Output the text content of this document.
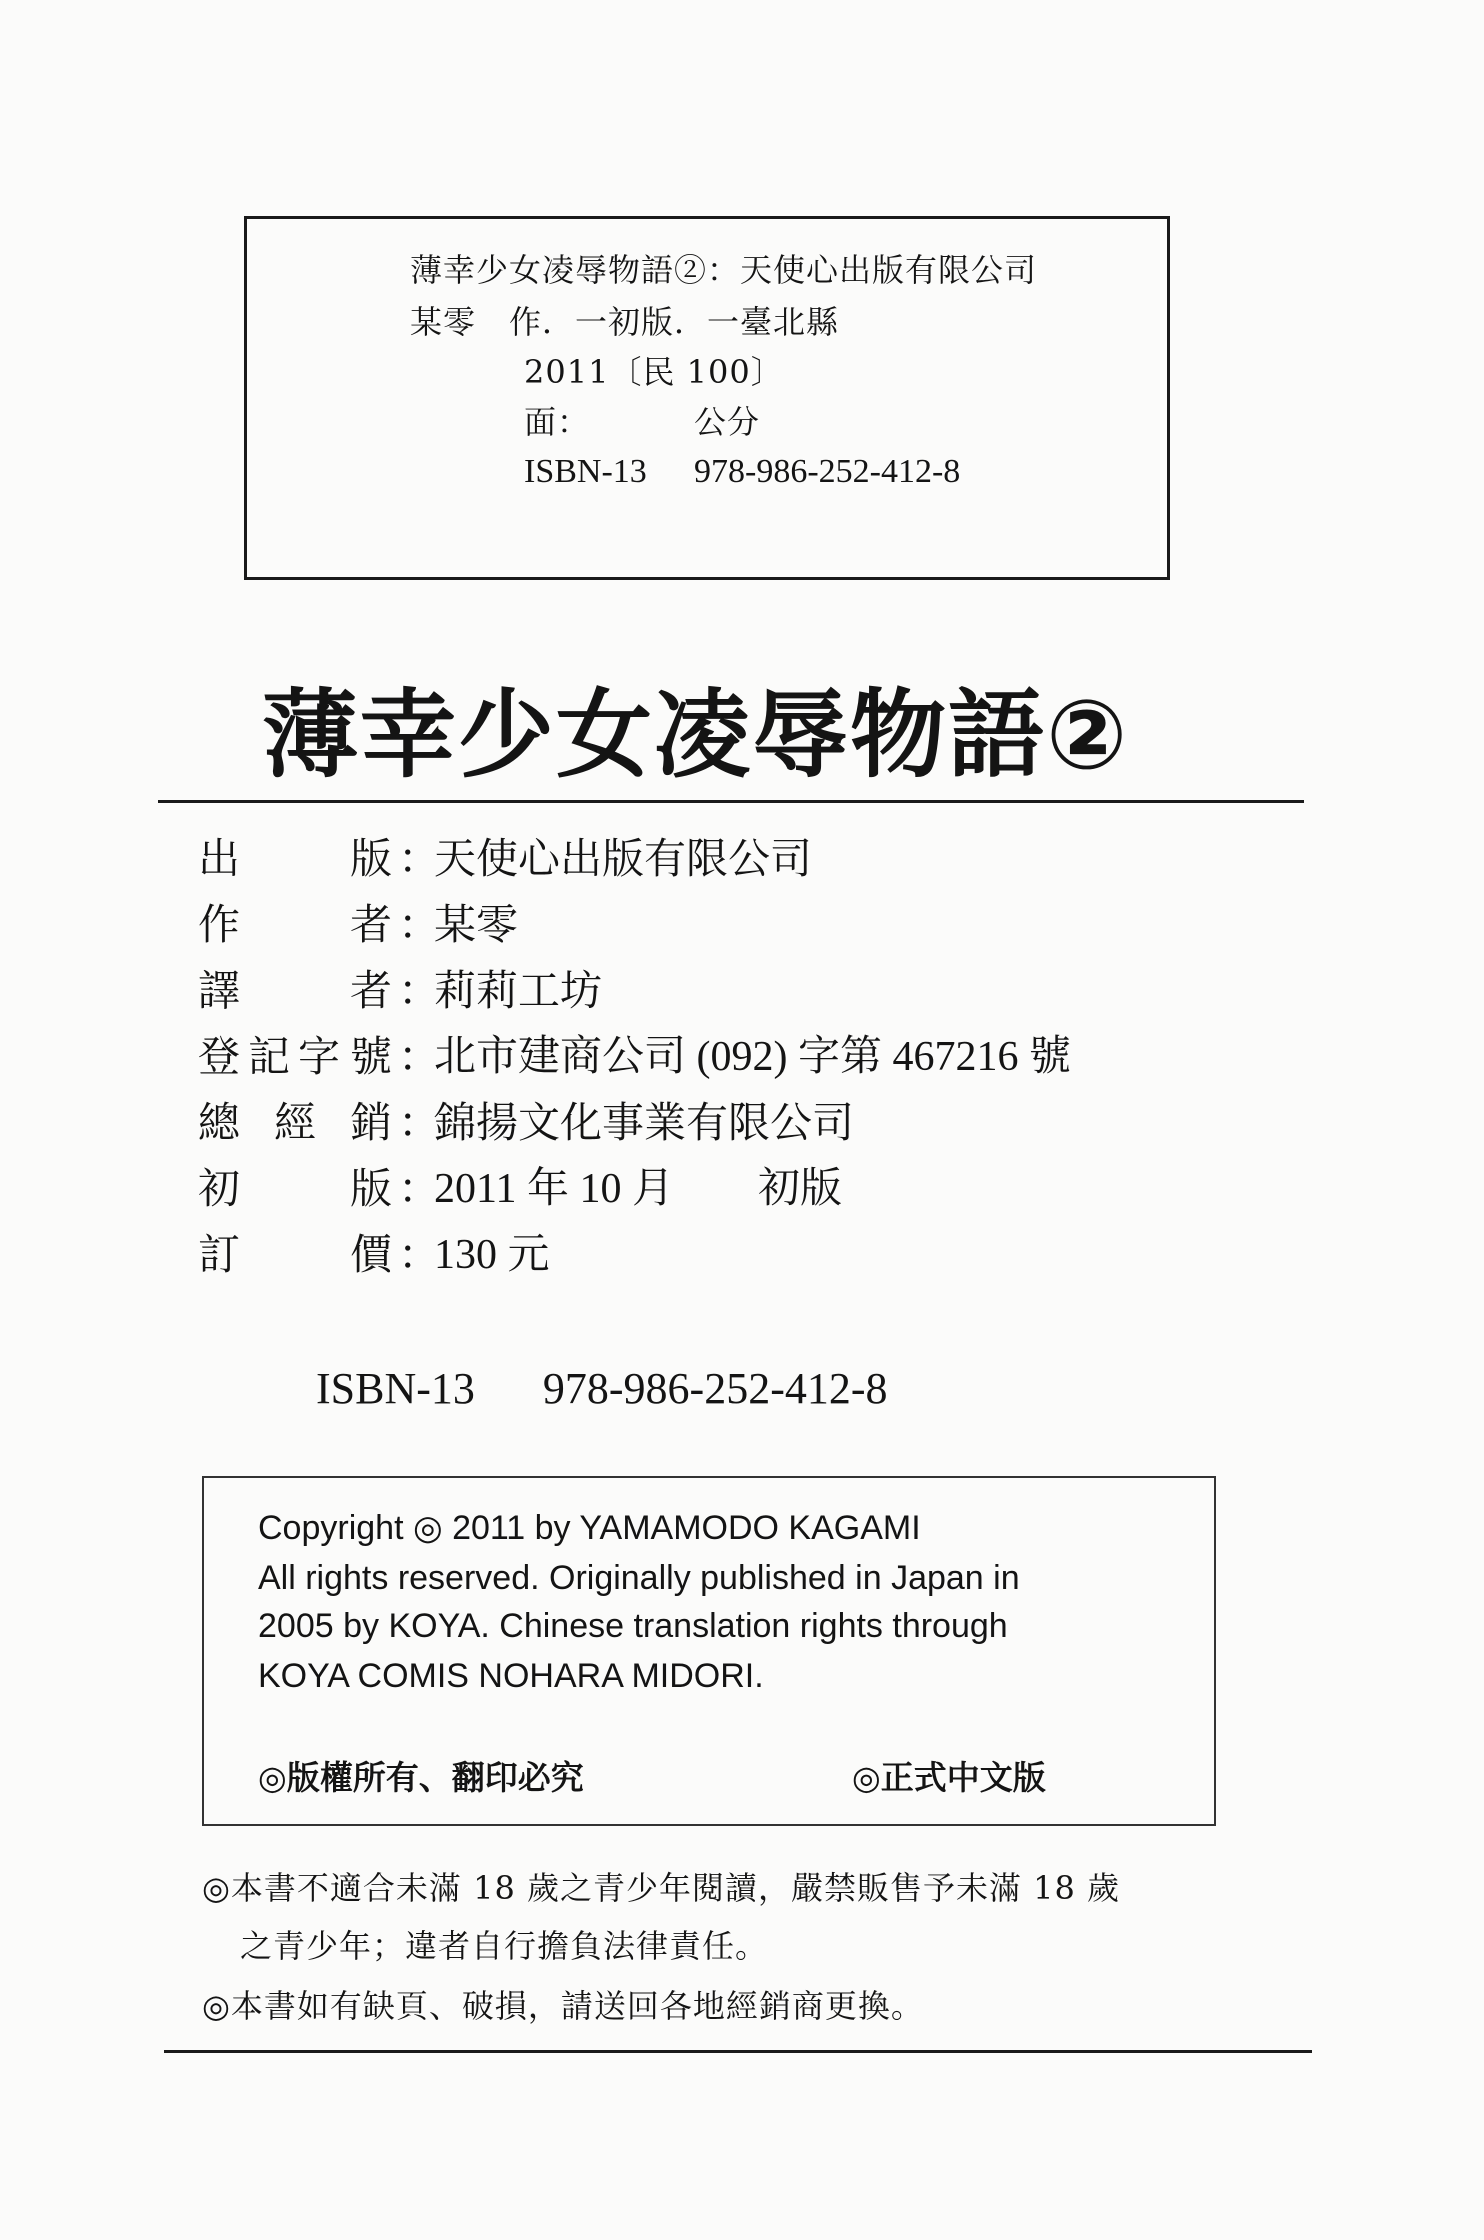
薄幸少女凌辱物語②：天使心出版有限公司
某零　作．一初版．一臺北縣
2011〔民 100〕
面：	公分
ISBN-13 978-986-252-412-8
薄幸少女凌辱物語②
出	版 ：
天使心出版有限公司
作	者 ：
某零
譯	者 ：
莉莉工坊
登 記 字 號 ：
北市建商公司 (092) 字第 467216 號
總 經 銷 ：
錦揚文化事業有限公司
初	版 ：
2011 年 10 月　　初版
訂	價 ：
130 元
ISBN-13 978-986-252-412-8
Copyright ◎ 2011 by YAMAMODO KAGAMI
All rights reserved. Originally published in Japan in
2005 by KOYA. Chinese translation rights through
KOYA COMIS NOHARA MIDORI.
◎版權所有、翻印必究	◎正式中文版
◎本書不適合未滿 18 歲之青少年閱讀，嚴禁販售予未滿 18 歲
之青少年；違者自行擔負法律責任。
◎本書如有缺頁、破損，請送回各地經銷商更換。
